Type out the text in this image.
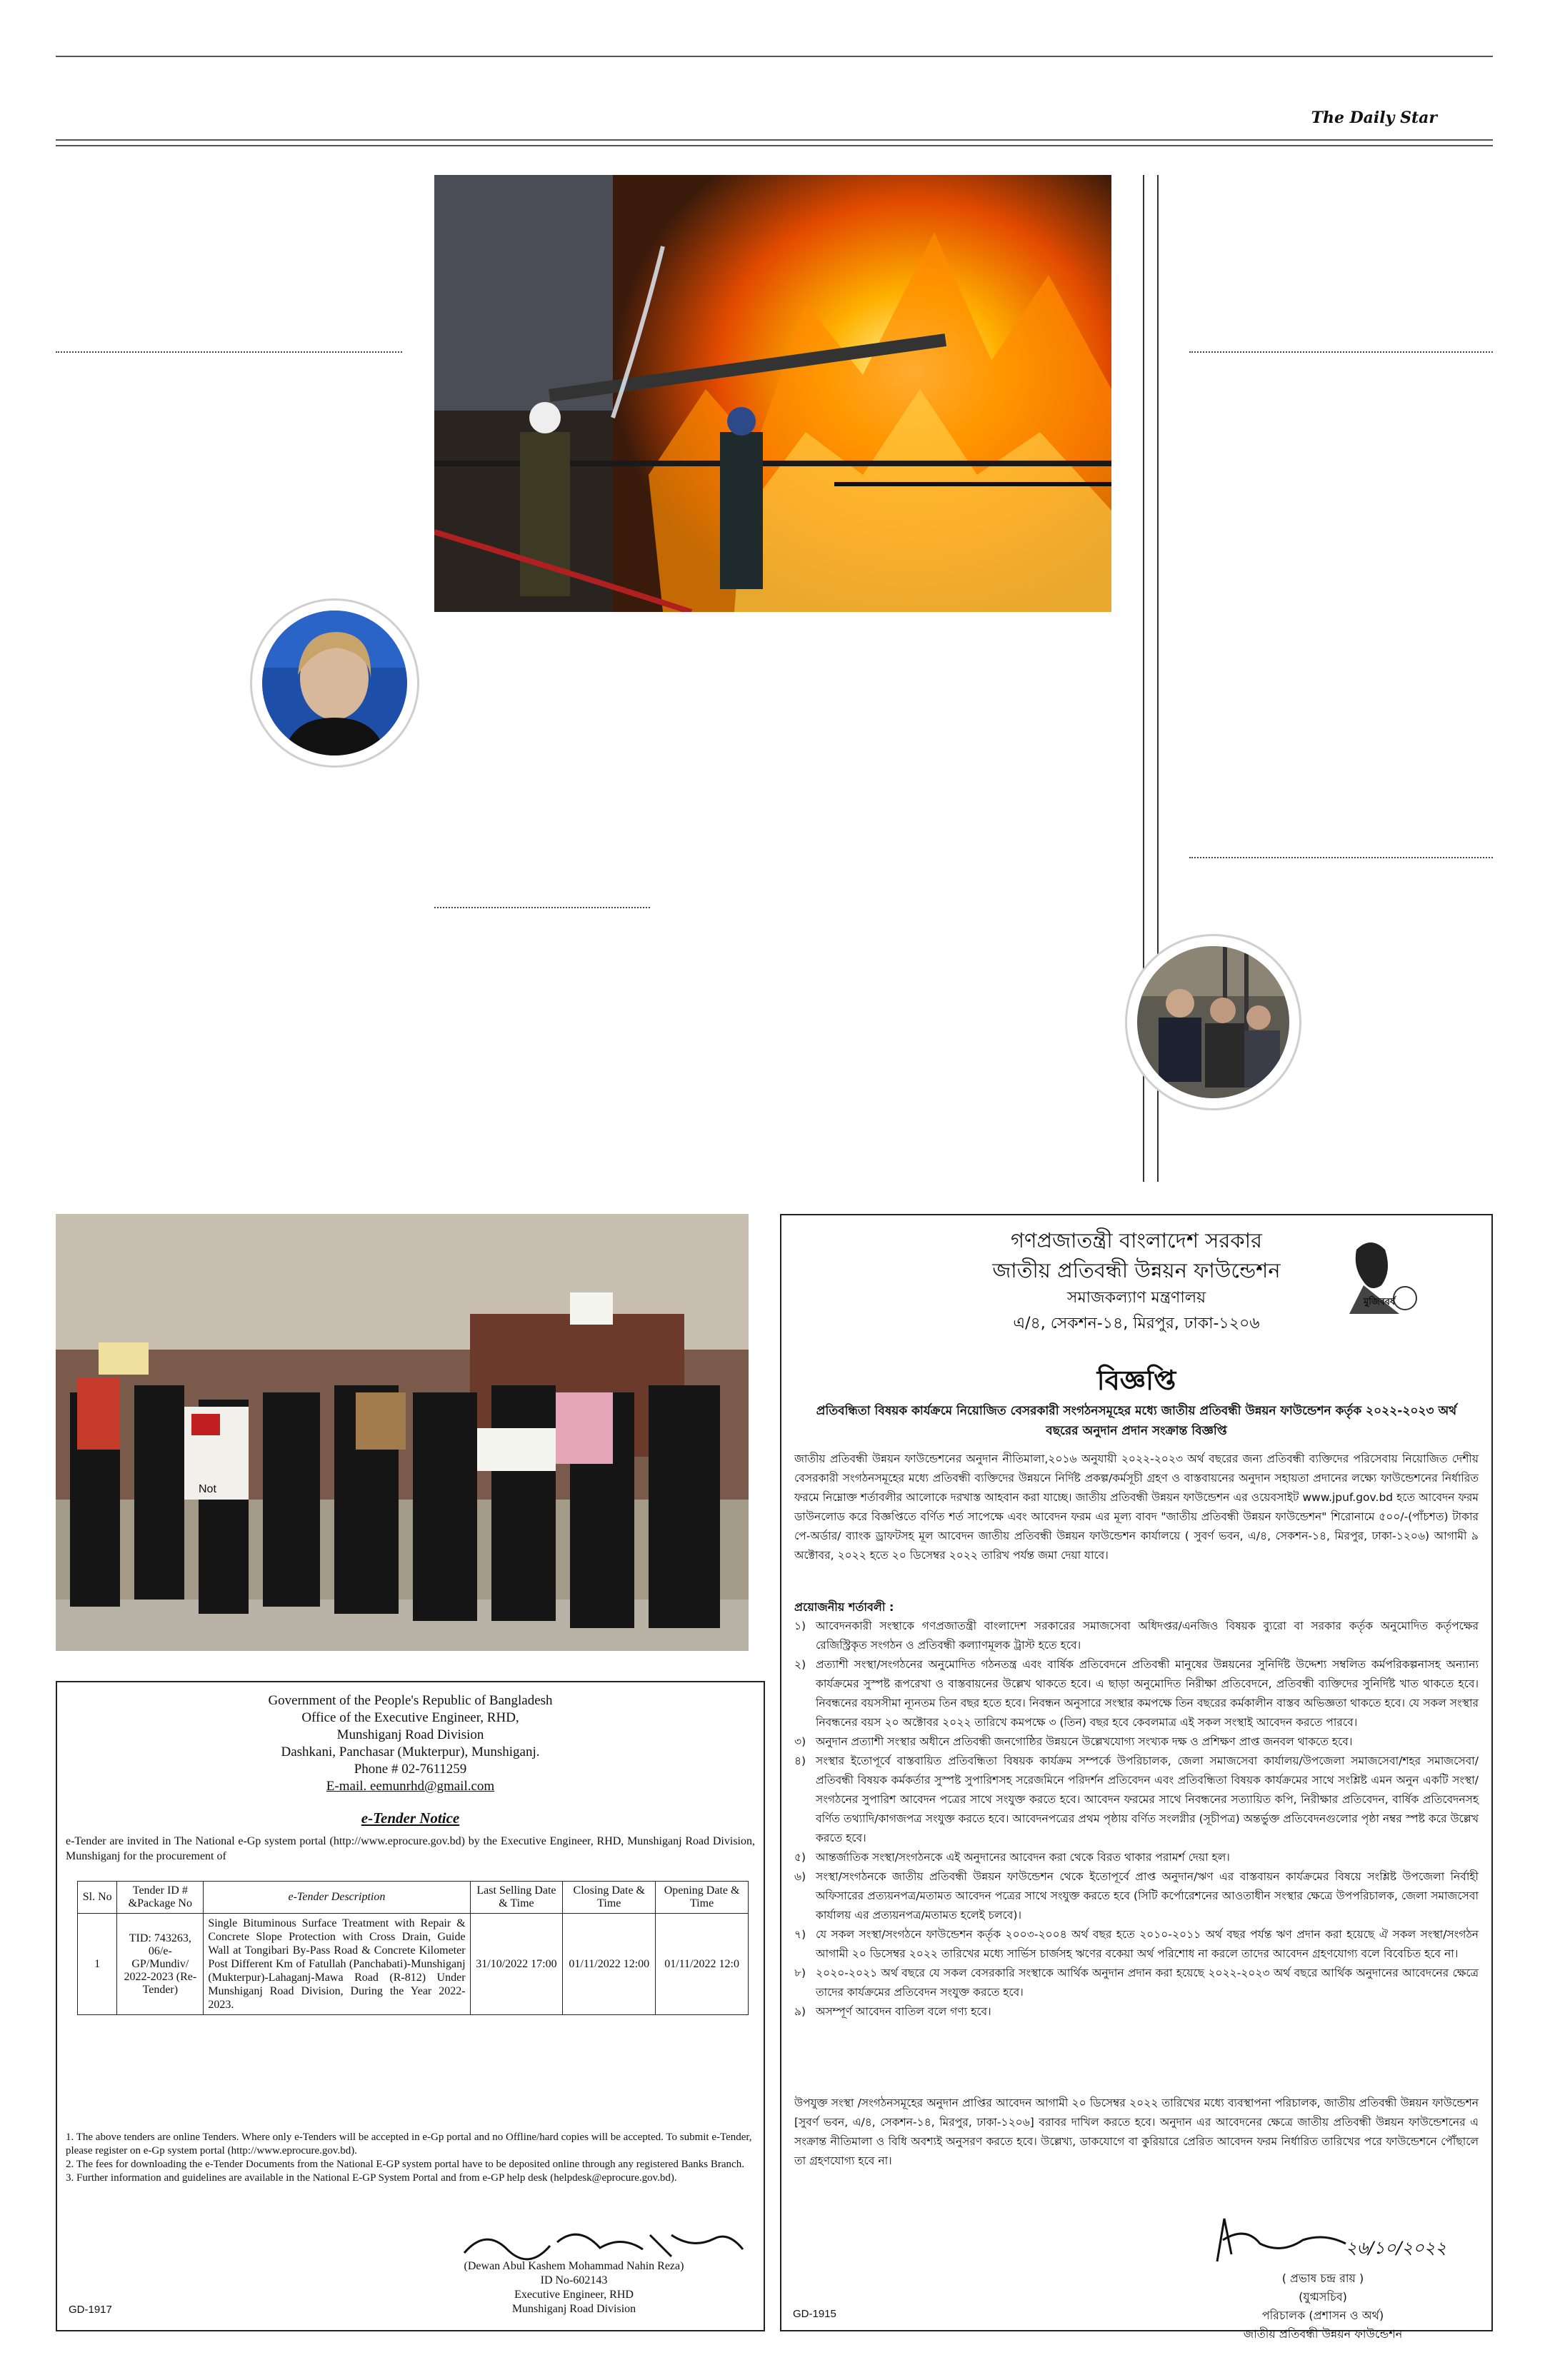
The Daily Star
Not
Government of the People's Republic of Bangladesh
Office of the Executive Engineer, RHD,
Munshiganj Road Division
Dashkani, Panchasar (Mukterpur), Munshiganj.
Phone # 02-7611259
E-mail. eemunrhd@gmail.com
e-Tender Notice
e-Tender are invited in The National e-Gp system portal (http://www.eprocure.gov.bd) by the Executive Engineer, RHD, Munshiganj Road Division, Munshiganj for the procurement of
Sl. No	Tender ID # &Package No	e-Tender Description	Last Selling Date & Time	Closing Date & Time	Opening Date & Time
1	TID: 743263, 06/e-GP/Mundiv/ 2022-2023 (Re-Tender)	Single Bituminous Surface Treatment with Repair & Concrete Slope Protection with Cross Drain, Guide Wall at Tongibari By-Pass Road & Concrete Kilometer Post Different Km of Fatullah (Panchabati)-Munshiganj (Mukterpur)-Lahaganj-Mawa Road (R-812) Under Munshiganj Road Division, During the Year 2022-2023.	31/10/2022 17:00	01/11/2022 12:00	01/11/2022 12:0
1. The above tenders are online Tenders. Where only e-Tenders will be accepted in e-Gp portal and no Offline/hard copies will be accepted. To submit e-Tender, please register on e-Gp system portal (http://www.eprocure.gov.bd).
2. The fees for downloading the e-Tender Documents from the National E-GP system portal have to be deposited online through any registered Banks Branch.
3. Further information and guidelines are available in the National E-GP System Portal and from e-GP help desk (helpdesk@eprocure.gov.bd).
(Dewan Abul Kashem Mohammad Nahin Reza)
ID No-602143
Executive Engineer, RHD
Munshiganj Road Division
GD-1917
গণপ্রজাতন্ত্রী বাংলাদেশ সরকার
জাতীয় প্রতিবন্ধী উন্নয়ন ফাউন্ডেশন
সমাজকল্যাণ মন্ত্রণালয়
এ/৪, সেকশন-১৪, মিরপুর, ঢাকা-১২০৬
মুজিববর্ষ
বিজ্ঞপ্তি
প্রতিবন্ধিতা বিষয়ক কার্যক্রমে নিয়োজিত বেসরকারী সংগঠনসমূহের মধ্যে জাতীয় প্রতিবন্ধী উন্নয়ন ফাউন্ডেশন কর্তৃক ২০২২-২০২৩ অর্থ বছরের অনুদান প্রদান সংক্রান্ত বিজ্ঞপ্তি
জাতীয় প্রতিবন্ধী উন্নয়ন ফাউন্ডেশনের অনুদান নীতিমালা,২০১৬ অনুযায়ী ২০২২-২০২৩ অর্থ বছরের জন্য প্রতিবন্ধী ব্যক্তিদের পরিসেবায় নিয়োজিত দেশীয় বেসরকারী সংগঠনসমূহের মধ্যে প্রতিবন্ধী ব্যক্তিদের উন্নয়নে নির্দিষ্ট প্রকল্প/কর্মসূচী গ্রহণ ও বাস্তবায়নের অনুদান সহায়তা প্রদানের লক্ষ্যে ফাউন্ডেশনের নির্ধারিত ফরমে নিম্নোক্ত শর্তাবলীর আলোকে দরখাস্ত আহবান করা যাচ্ছে। জাতীয় প্রতিবন্ধী উন্নয়ন ফাউন্ডেশন এর ওয়েবসাইট www.jpuf.gov.bd হতে আবেদন ফরম ডাউনলোড করে বিজ্ঞপ্তিতে বর্ণিত শর্ত সাপেক্ষে এবং আবেদন ফরম এর মূল্য বাবদ "জাতীয় প্রতিবন্ধী উন্নয়ন ফাউন্ডেশন" শিরোনামে ৫০০/-(পাঁচশত) টাকার পে-অর্ডার/ ব্যাংক ড্রাফটসহ মূল আবেদন জাতীয় প্রতিবন্ধী উন্নয়ন ফাউন্ডেশন কার্যালয়ে ( সুবর্ণ ভবন, এ/৪, সেকশন-১৪, মিরপুর, ঢাকা-১২০৬) আগামী ৯ অক্টোবর, ২০২২ হতে ২০ ডিসেম্বর ২০২২ তারিখ পর্যন্ত জমা দেয়া যাবে।
প্রয়োজনীয় শর্তাবলী :
১) আবেদনকারী সংস্থাকে গণপ্রজাতন্ত্রী বাংলাদেশ সরকারের সমাজসেবা অধিদপ্তর/এনজিও বিষয়ক ব্যুরো বা সরকার কর্তৃক অনুমোদিত কর্তৃপক্ষের রেজিস্ট্রিকৃত সংগঠন ও প্রতিবন্ধী কল্যাণমূলক ট্রাস্ট হতে হবে।
২) প্রত্যাশী সংস্থা/সংগঠনের অনুমোদিত গঠনতন্ত্র এবং বার্ষিক প্রতিবেদনে প্রতিবন্ধী মানুষের উন্নয়নের সুনির্দিষ্ট উদ্দেশ্য সম্বলিত কর্মপরিকল্পনাসহ অন্যান্য কার্যক্রমের সুস্পষ্ট রূপরেখা ও বাস্তবায়নের উল্লেখ থাকতে হবে। এ ছাড়া অনুমোদিত নিরীক্ষা প্রতিবেদনে, প্রতিবন্ধী ব্যক্তিদের সুনির্দিষ্ট খাত থাকতে হবে। নিবন্ধনের বয়সসীমা ন্যূনতম তিন বছর হতে হবে। নিবন্ধন অনুসারে সংস্থার কমপক্ষে তিন বছরের কর্মকালীন বাস্তব অভিজ্ঞতা থাকতে হবে। যে সকল সংস্থার নিবন্ধনের বয়স ২০ অক্টোবর ২০২২ তারিখে কমপক্ষে ৩ (তিন) বছর হবে কেবলমাত্র এই সকল সংস্থাই আবেদন করতে পারবে।
৩) অনুদান প্রত্যাশী সংস্থার অধীনে প্রতিবন্ধী জনগোষ্ঠির উন্নয়নে উল্লেখযোগ্য সংখ্যক দক্ষ ও প্রশিক্ষণ প্রাপ্ত জনবল থাকতে হবে।
৪) সংস্থার ইতোপূর্বে বাস্তবায়িত প্রতিবন্ধিতা বিষয়ক কার্যক্রম সম্পর্কে উপরিচালক, জেলা সমাজসেবা কার্যালয়/উপজেলা সমাজসেবা/শহর সমাজসেবা/ প্রতিবন্ধী বিষয়ক কর্মকর্তার সুস্পষ্ট সুপারিশসহ সরেজমিনে পরিদর্শন প্রতিবেদন এবং প্রতিবন্ধিতা বিষয়ক কার্যক্রমের সাথে সংশ্লিষ্ট এমন অনুন একটি সংস্থা/সংগঠনের সুপারিশ আবেদন পত্রের সাথে সংযুক্ত করতে হবে। আবেদন ফরমের সাথে নিবন্ধনের সত্যায়িত কপি, নিরীক্ষার প্রতিবেদন, বার্ষিক প্রতিবেদনসহ বর্ণিত তথ্যাদি/কাগজপত্র সংযুক্ত করতে হবে। আবেদনপত্রের প্রথম পৃষ্ঠায় বর্ণিত সংলগ্নীর (সূচীপত্র) অন্তর্ভুক্ত প্রতিবেদনগুলোর পৃষ্ঠা নম্বর স্পষ্ট করে উল্লেখ করতে হবে।
৫) আন্তর্জাতিক সংস্থা/সংগঠনকে এই অনুদানের আবেদন করা থেকে বিরত থাকার পরামর্শ দেয়া হল।
৬) সংস্থা/সংগঠনকে জাতীয় প্রতিবন্ধী উন্নয়ন ফাউন্ডেশন থেকে ইতোপূর্বে প্রাপ্ত অনুদান/ঋণ এর বাস্তবায়ন কার্যক্রমের বিষয়ে সংশ্লিষ্ট উপজেলা নির্বাহী অফিসারের প্রত্যয়নপত্র/মতামত আবেদন পত্রের সাথে সংযুক্ত করতে হবে (সিটি কর্পোরেশনের আওতাধীন সংস্থার ক্ষেত্রে উপপরিচালক, জেলা সমাজসেবা কার্যালয় এর প্রত্যয়নপত্র/মতামত হলেই চলবে)।
৭) যে সকল সংস্থা/সংগঠনে ফাউন্ডেশন কর্তৃক ২০০৩-২০০৪ অর্থ বছর হতে ২০১০-২০১১ অর্থ বছর পর্যন্ত ঋণ প্রদান করা হয়েছে ঐ সকল সংস্থা/সংগঠন আগামী ২০ ডিসেম্বর ২০২২ তারিখের মধ্যে সার্ভিস চার্জসহ ঋণের বকেয়া অর্থ পরিশোধ না করলে তাদের আবেদন গ্রহণযোগ্য বলে বিবেচিত হবে না।
৮) ২০২০-২০২১ অর্থ বছরে যে সকল বেসরকারি সংস্থাকে আর্থিক অনুদান প্রদান করা হয়েছে ২০২২-২০২৩ অর্থ বছরে আর্থিক অনুদানের আবেদনের ক্ষেত্রে তাদের কার্যক্রমের প্রতিবেদন সংযুক্ত করতে হবে।
৯) অসম্পূর্ণ আবেদন বাতিল বলে গণ্য হবে।
উপযুক্ত সংস্থা /সংগঠনসমূহের অনুদান প্রাপ্তির আবেদন আগামী ২০ ডিসেম্বর ২০২২ তারিখের মধ্যে ব্যবস্থাপনা পরিচালক, জাতীয় প্রতিবন্ধী উন্নয়ন ফাউন্ডেশন [সুবর্ণ ভবন, এ/৪, সেকশন-১৪, মিরপুর, ঢাকা-১২০৬] বরাবর দাখিল করতে হবে। অনুদান এর আবেদনের ক্ষেত্রে জাতীয় প্রতিবন্ধী উন্নয়ন ফাউন্ডেশনের এ সংক্রান্ত নীতিমালা ও বিধি অবশ্যই অনুসরণ করতে হবে। উল্লেখ্য, ডাকযোগে বা কুরিয়ারে প্রেরিত আবেদন ফরম নির্ধারিত তারিখের পরে ফাউন্ডেশনে পৌঁছালে তা গ্রহণযোগ্য হবে না।
২৬/১০/২০২২
( প্রভাষ চন্দ্র রায় )
(যুগ্মসচিব)
পরিচালক (প্রশাসন ও অর্থ)
জাতীয় প্রতিবন্ধী উন্নয়ন ফাউন্ডেশন
GD-1915
